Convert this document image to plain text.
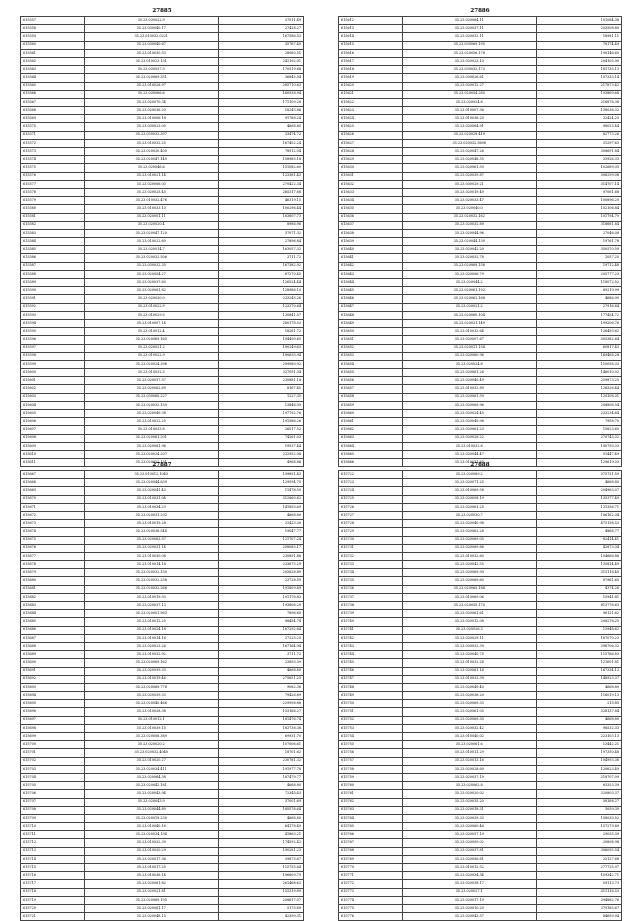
27885
615557	35.23.030022.9	37011.49
615558	35.23.030040.17	27428.27
615559	35.23.010032.0221	167586.53
615560	35.23.030040.67	35767.40
615561	35.23.010030.53	28080.51
615562	35.23.010023.131	241192.01
615563	35.23.030037.9	170519.68
615564	35.23.020069.351	36845.94
615565	35.23.010026.97	285710.63
615566	35.23.030066.6	160938.94
615567	35.23.020070.34	171109.28
615568	35.23.020036.20	18245.86
615569	35.23.010006.18	91788.24
615570	35.23.030023.05	4668.80
615571	35.23.030032.397	33474.72
615572	35.23.010032.25	167452.24
615573	35.23.020020.400	78912.04
615574	35.23.020047.149	158985.18
615575	35.23.020046.6	151082.60
615576	35.23.010021.14	123381.43
615577	35.23.020006.03	270422.34
615578	35.23.020025.45	265317.68
615579	35.23.010032.476	46319.15
615580	35.23.010033.13	100296.44
615581	35.23.020001.11	163607.73
615582	35.23.020020.4	8986.96
615583	35.23.020047.120	37071.32
615584	35.23.010022.60	27896.84
615585	35.23.020014.7	163057.32
615586	35.23.020032.506	3711.72
615587	35.23.030032.35	167382.92
615588	35.23.020054.27	67270.45
615589	35.23.020037.60	126524.44
615590	35.23.020061.82	128986.10
615591	35.23.020030.0	233245.26
615592	35.23.010022.9	123270.64
615593	35.23.010029.5	130841.57
615594	35.23.010007.14	280178.53
615595	35.23.010012.4	18261.72
615596	35.23.020069.165	194499.65
615597	35.23.020021.2	190249.63
615598	35.23.010022.9	190635.94
615599	35.23.020024.396	299080.92
615600	35.23.010032.3	327091.34
615601	35.23.020037.57	230881.18
615602	35.23.020062.69	8167.45
615603	35.23.030060.227	1227.35
615604	35.23.020032.150	13846.09
615605	35.23.020049.38	197792.76
615606	35.23.010022.25	191586.26
615607	35.23.010033.8	26017.52
615608	35.23.020061.201	74261.03
615609	35.23.020061.96	19537.44
615610	35.23.020024.207	232952.08
615611	35.23.020012.151	4968.86
27886
615612	35.23.020064.11	101084.36
615613	35.23.020037.11	203508.80
615614	35.23.020032.11	18981.11
615615	35.23.030069.195	78174.49
615616	35.23.020056.178	190146.60
615617	35.23.020023.10	204105.90
615618	35.23.030032.173	181735.13
615619	35.23.030026.61	107333.14
615620	35.23.020012.27	217873.42
615621	35.23.020054.285	193869.68
615622	35.23.020024.8	216878.36
615623	35.23.010007.36	138036.32
615624	35.23.010036.20	32424.25
615625	35.23.020064.91	98025.44
615626	35.23.020028.419	82773.26
615627	35.23.020032.5608	31297.63
615628	35.23.020047.26	308691.84
615629	35.23.020048.55	33926.33
615630	35.23.020061.59	102689.35
615631	35.23.020039.87	306299.08
615632	35.23.030029.21	314707.14
615633	35.23.020019.49	97061.68
615634	35.23.020033.47	100896.20
615635	35.23.020040.0	102106.84
615636	35.23.020032.162	101794.70
615637	35.23.020032.89	318681.84
615638	35.23.020044.96	27046.08
615639	35.23.020044.139	19761.78
615640	35.23.020042.20	350570.59
615641	35.23.020032.78	1057.25
615642	35.23.020069.158	19712.48
615643	35.23.020006.79	205777.23
615644	35.23.020044.2	118072.52
615645	35.23.020061.192	69219.99
615646	35.23.020062.168	4686.90
615647	35.23.020021.2	27916.64
615648	35.23.020060.104	177454.72
615649	35.23.020031.149	199206.76
615650	35.23.010032.64	126493.82
615651	35.23.020007.67	305382.64
615652	35.23.020011.154	60817.43
615653	35.23.020060.96	169468.28
615654	35.23.020024.8	110058.33
615655	35.23.020061.26	146010.02
615656	35.23.020040.49	259873.25
615657	35.23.010032.89	126526.44
615658	35.23.020061.59	120108.31
615659	35.23.020069.96	208808.54
615660	35.23.020024.45	233234.64
615661	35.23.020049.98	7958.70
615662	35.23.020061.23	15823.60
615663	35.23.020028.22	270743.32
615664	35.23.010032.8	100793.33
615665	35.23.020044.47	51447.49
615666	35.23.010031.85	129619.33
27887
615667	35.23.010012.1043	199891.43
615668	35.23.020044.839	129594.75
615669	35.23.020041.43	11478.50
615670	35.23.010031.04	312660.62
615671	35.23.010034.23	141893.69
615672	35.23.020031.292	4668.80
615673	35.23.010019.28	21423.30
615674	35.23.020036.548	19047.77
615675	35.23.020063.57	121707.24
615676	35.23.020031.14	208085.17
615677	35.23.010030.08	230891.88
615678	35.23.010014.18	233675.29
615679	35.23.020032.150	205628.89
615680	35.23.020032.258	23728.59
615681	35.23.020032.266	191809.89
615682	35.23.010019.93	101176.83
615683	35.23.020037.13	193806.29
615684	35.23.020001.963	7896.60
615685	35.23.010012.25	98454.74
615686	35.23.010024.18	167292.64
615687	35.23.010014.16	27225.25
615688	35.23.020023.26	167164.94
615689	35.23.010032.92	3711.72
615690	35.23.020069.162	23893.39
615691	35.23.020039.33	4668.80
615692	35.23.010019.46	275651.25
615693	35.23.020069.776	9082.36
615694	35.23.020039.33	79426.89
615695	35.23.020040.466	229998.88
615696	35.23.010028.38	153166.27
615697	35.23.010012.1	181476.74
615698	35.23.010039.15	183738.38
615699	35.23.020008.389	69931.70
615700	35.23.020020.2	107006.61
615701	35.23.020032.4040	18701.62
615702	35.23.010020.27	230781.32
615703	35.23.020034.411	191977.78
615704	35.23.020064.38	187479.77
615705	35.23.020042.181	4668.80
615706	35.23.020043.94	72345.43
615707	35.23.020043.9	37001.69
615708	35.23.020044.80	185576.64
615709	35.23.020019.230	4668.80
615710	35.23.010040.16	64178.49
615711	35.23.020034.194	41863.21
615712	35.23.010032.39	174592.42
615713	35.23.010020.29	190281.23
615714	35.23.020017.36	39875.67
615715	35.23.010017.25	115755.64
615716	35.23.010036.14	196809.79
615717	35.23.020061.82	261468.62
615718	35.23.020021.81	151319.89
615719	35.23.020069.195	208617.07
615720	35.23.020061.17	5175.69
615721	35.23.020048.15	42399.31
27888
615722	35.23.020069.2	375731.59
615723	35.23.020071.25	4668.80
615724	35.23.010069.58	204963.07
615725	35.23.020008.19	135377.49
615726	35.23.020061.25	131356.71
615727	35.23.020030.7	106162.34
615728	35.23.020040.98	475198.53
615729	35.23.020062.28	4868.77
615730	35.23.020069.05	82414.41
615731	35.23.020069.86	42873.34
615732	35.23.010032.60	104666.86
615733	35.23.020042.55	135814.49
615734	35.23.020069.90	315118.40
615735	35.23.020069.60	87961.65
615736	35.23.020065.184	4374.28
615737	35.23.010069.06	15941.81
615738	35.23.020055.175	813776.63
615739	35.23.020061.61	96121.62
615740	35.23.020012.08	208276.25
615741	35.23.020026.3	13948.62
615742	35.23.020029.11	187070.23
615743	35.23.030032.39	398706.32
615744	35.23.020040.75	115766.83
615745	35.23.010032.28	121601.81
615746	35.23.020061.16	167334.13
615747	35.23.010032.39	148923.37
615748	35.23.020049.40	4668.80
615749	35.23.020036.20	116019.13
615750	35.23.020069.33	215.85
615751	35.23.020061.05	328137.84
615752	35.23.020069.33	4668.80
615753	35.23.020032.42	98532.33
615754	35.23.010040.02	223103.13
615755	35.23.020061.6	13442.21
615756	35.23.010011.29	197350.48
615757	35.23.020013.16	104993.36
615758	35.23.020028.69	120623.49
615759	35.23.020037.19	218707.09
615760	35.23.020062.8	63353.39
615761	35.23.020020.02	320803.37
615762	35.23.020035.20	38168.27
615763	35.23.020018.31	3059.39
615764	35.23.020039.33	158030.52
615765	35.23.020060.46	157279.89
615766	35.23.020057.19	29035.39
615767	35.23.020059.02	20898.98
615768	35.23.020037.81	306095.54
615769	35.23.020056.61	25127.68
615770	35.23.010012.52	277725.97
615771	35.23.020034.54	159342.71
615772	35.23.020038.17	59113.73
615773	35.23.020027.1	311118.53
615774	35.23.020017.19	394882.76
615775	35.23.020010.20	379185.67
615776	35.23.020043.57	84659.94
